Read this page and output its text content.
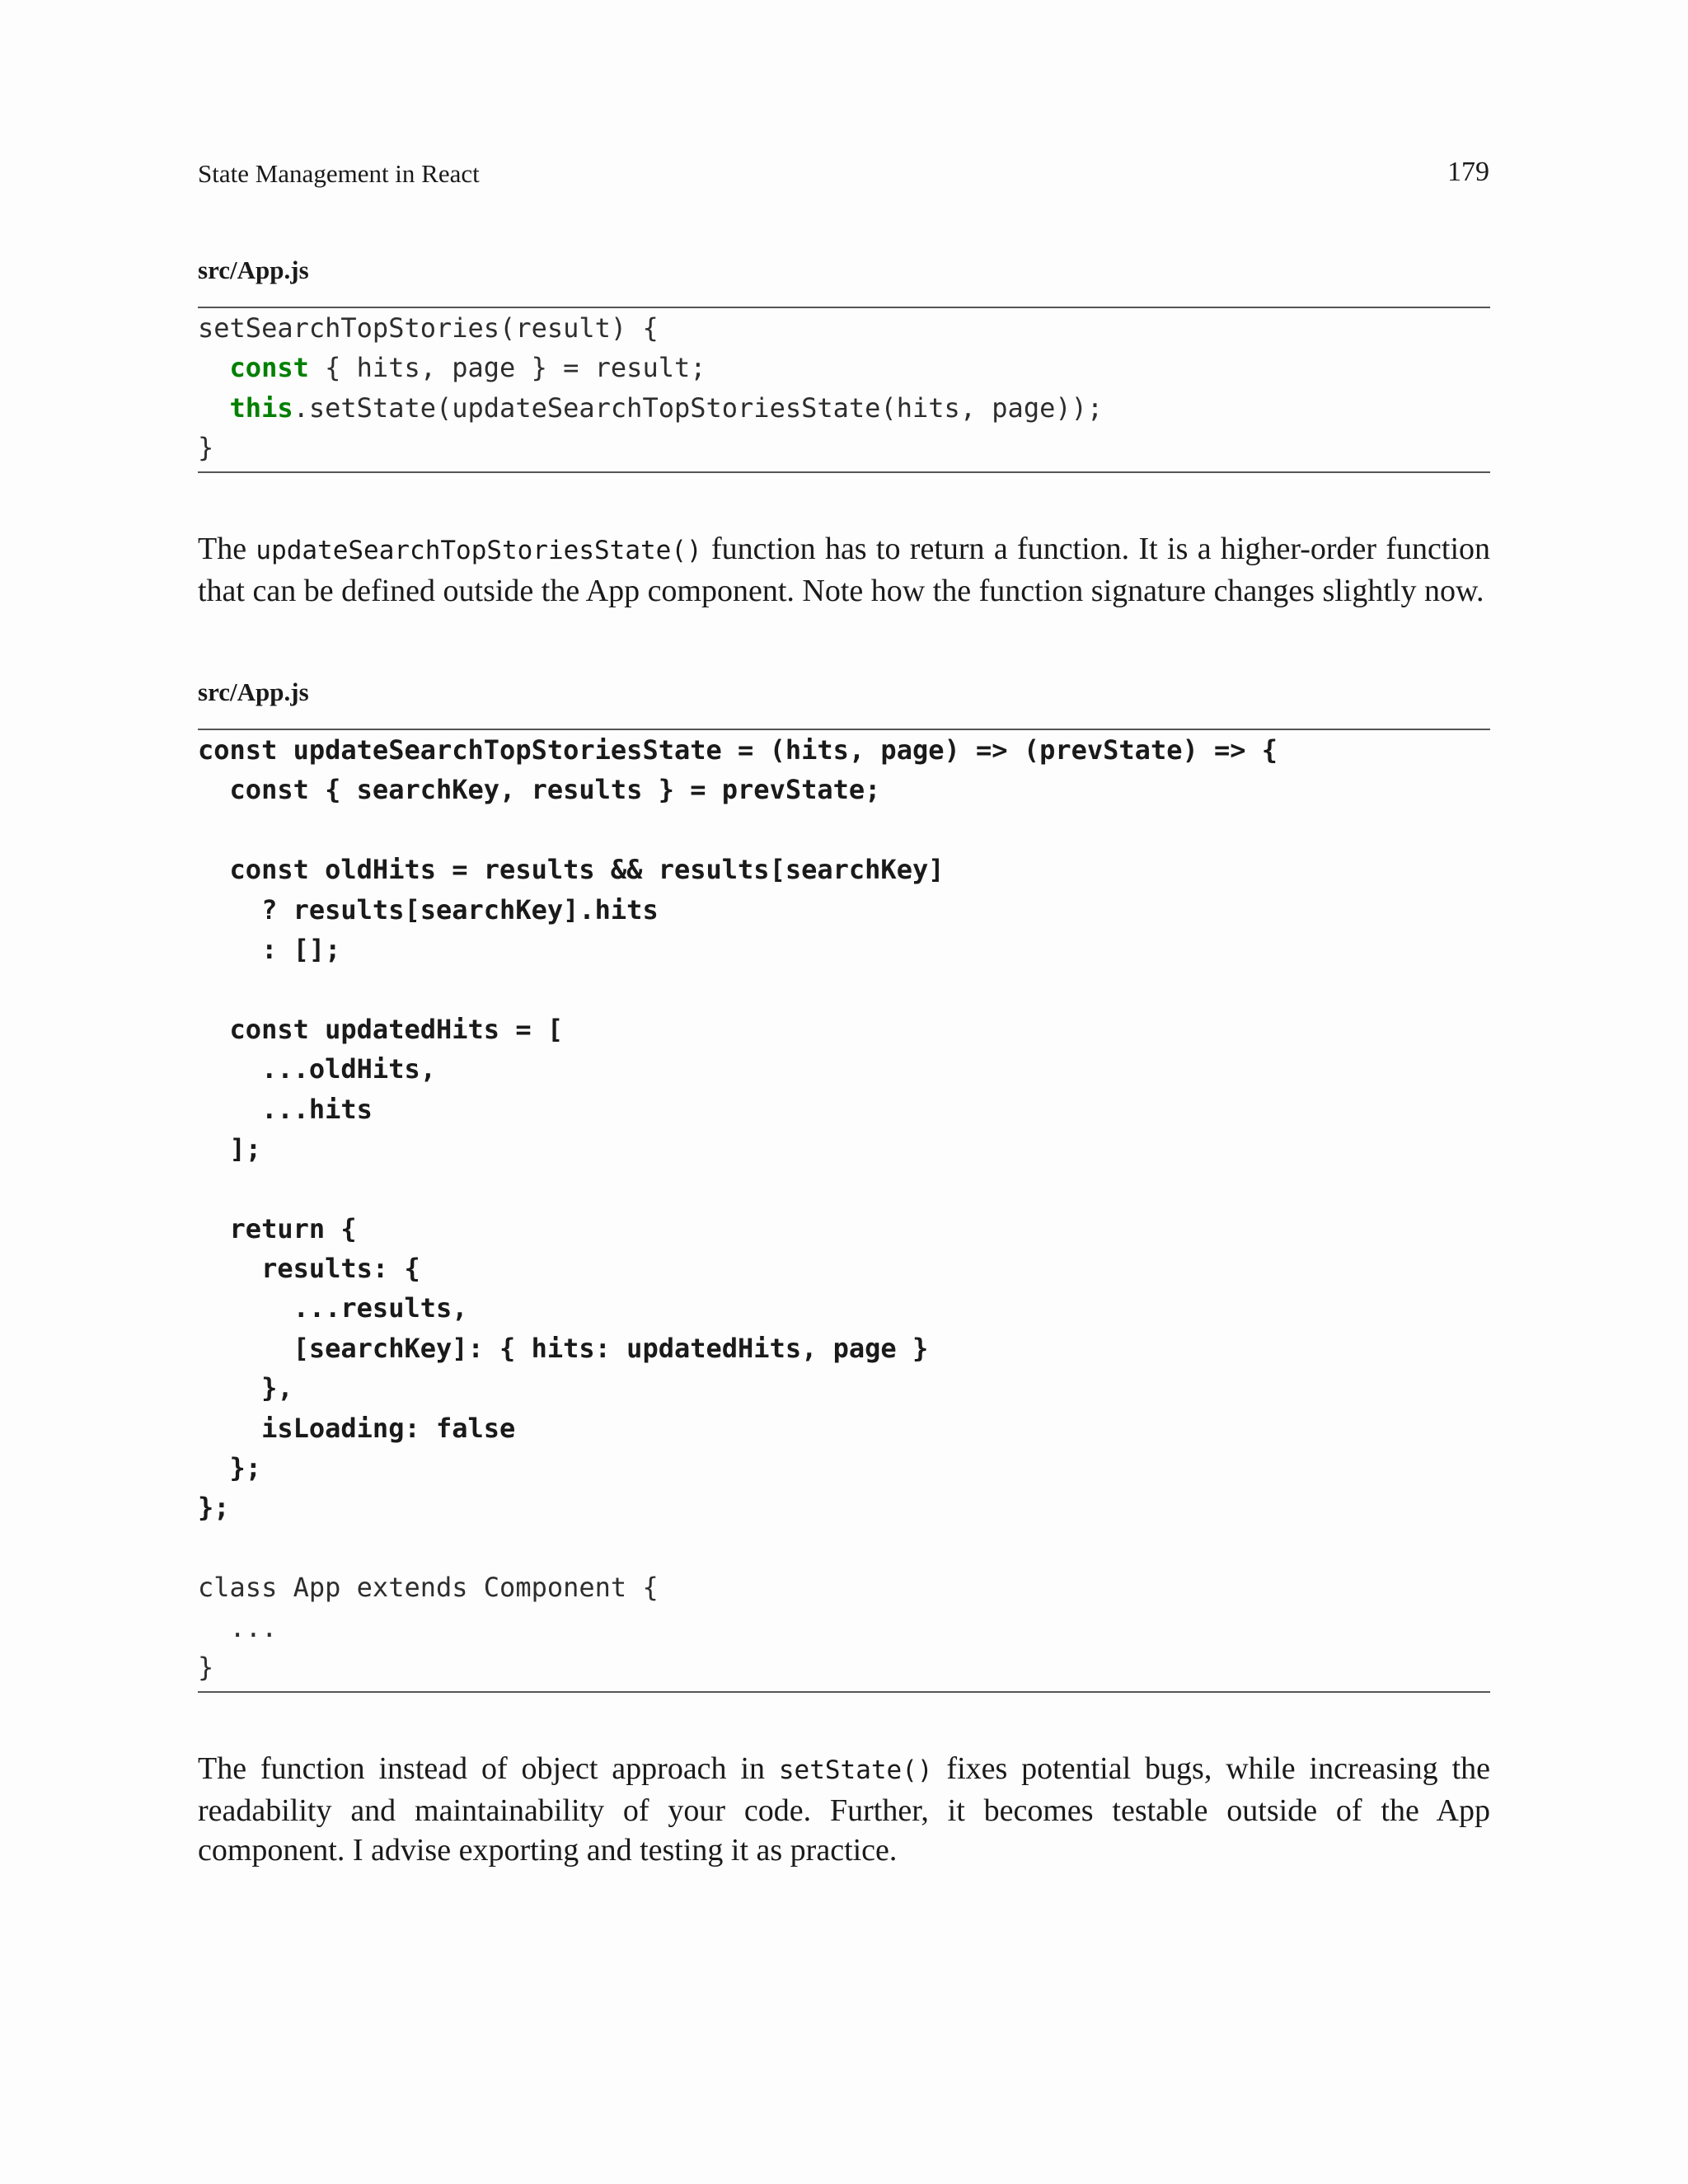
State Management in React	179
src/App.js
setSearchTopStories(result) {
const { hits, page } = result;
this.setState(updateSearchTopStoriesState(hits, page));
}

The updateSearchTopStoriesState() function has to return a function. It is a higher-order function that can be defined outside the App component. Note how the function signature changes slightly now.

src/App.js
const updateSearchTopStoriesState = (hits, page) => (prevState) => {
const { searchKey, results } = prevState;
const oldHits = results && results[searchKey]
? results[searchKey].hits
: [];
const updatedHits = [
...oldHits,
...hits
];
return {
results: {
...results,
[searchKey]: { hits: updatedHits, page }
},
isLoading: false
};
};
class App extends Component {
...
}

The function instead of object approach in setState() fixes potential bugs, while increasing the readability and maintainability of your code. Further, it becomes testable outside of the App component. I advise exporting and testing it as practice.
